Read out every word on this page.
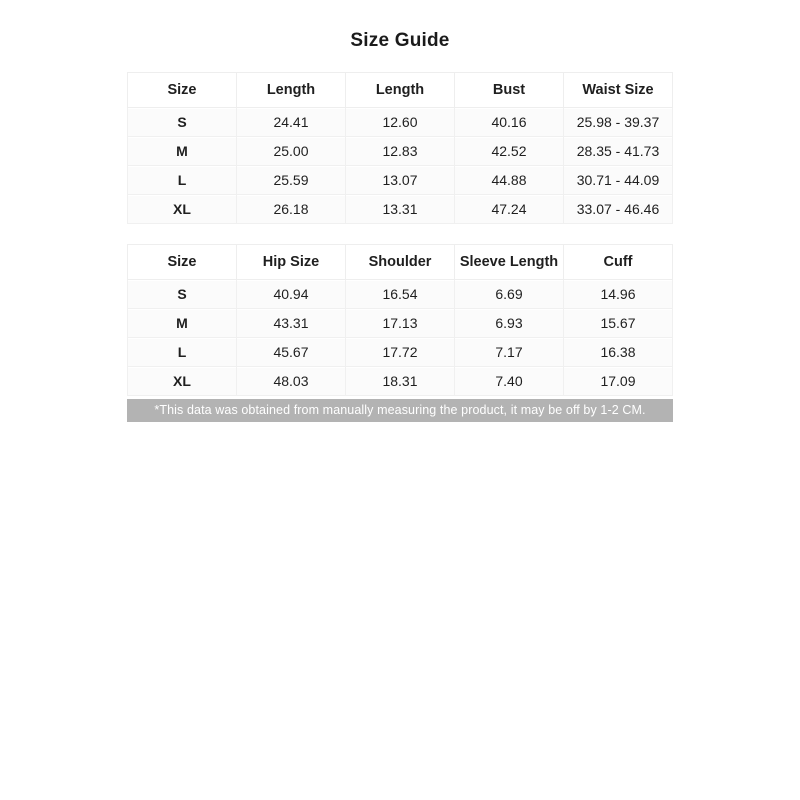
Size Guide
Size	Length	Length	Bust	Waist Size
S	24.41	12.60	40.16	25.98 - 39.37
M	25.00	12.83	42.52	28.35 - 41.73
L	25.59	13.07	44.88	30.71 - 44.09
XL	26.18	13.31	47.24	33.07 - 46.46
Size	Hip Size	Shoulder	Sleeve Length	Cuff
S	40.94	16.54	6.69	14.96
M	43.31	17.13	6.93	15.67
L	45.67	17.72	7.17	16.38
XL	48.03	18.31	7.40	17.09
*This data was obtained from manually measuring the product, it may be off by 1-2 CM.
